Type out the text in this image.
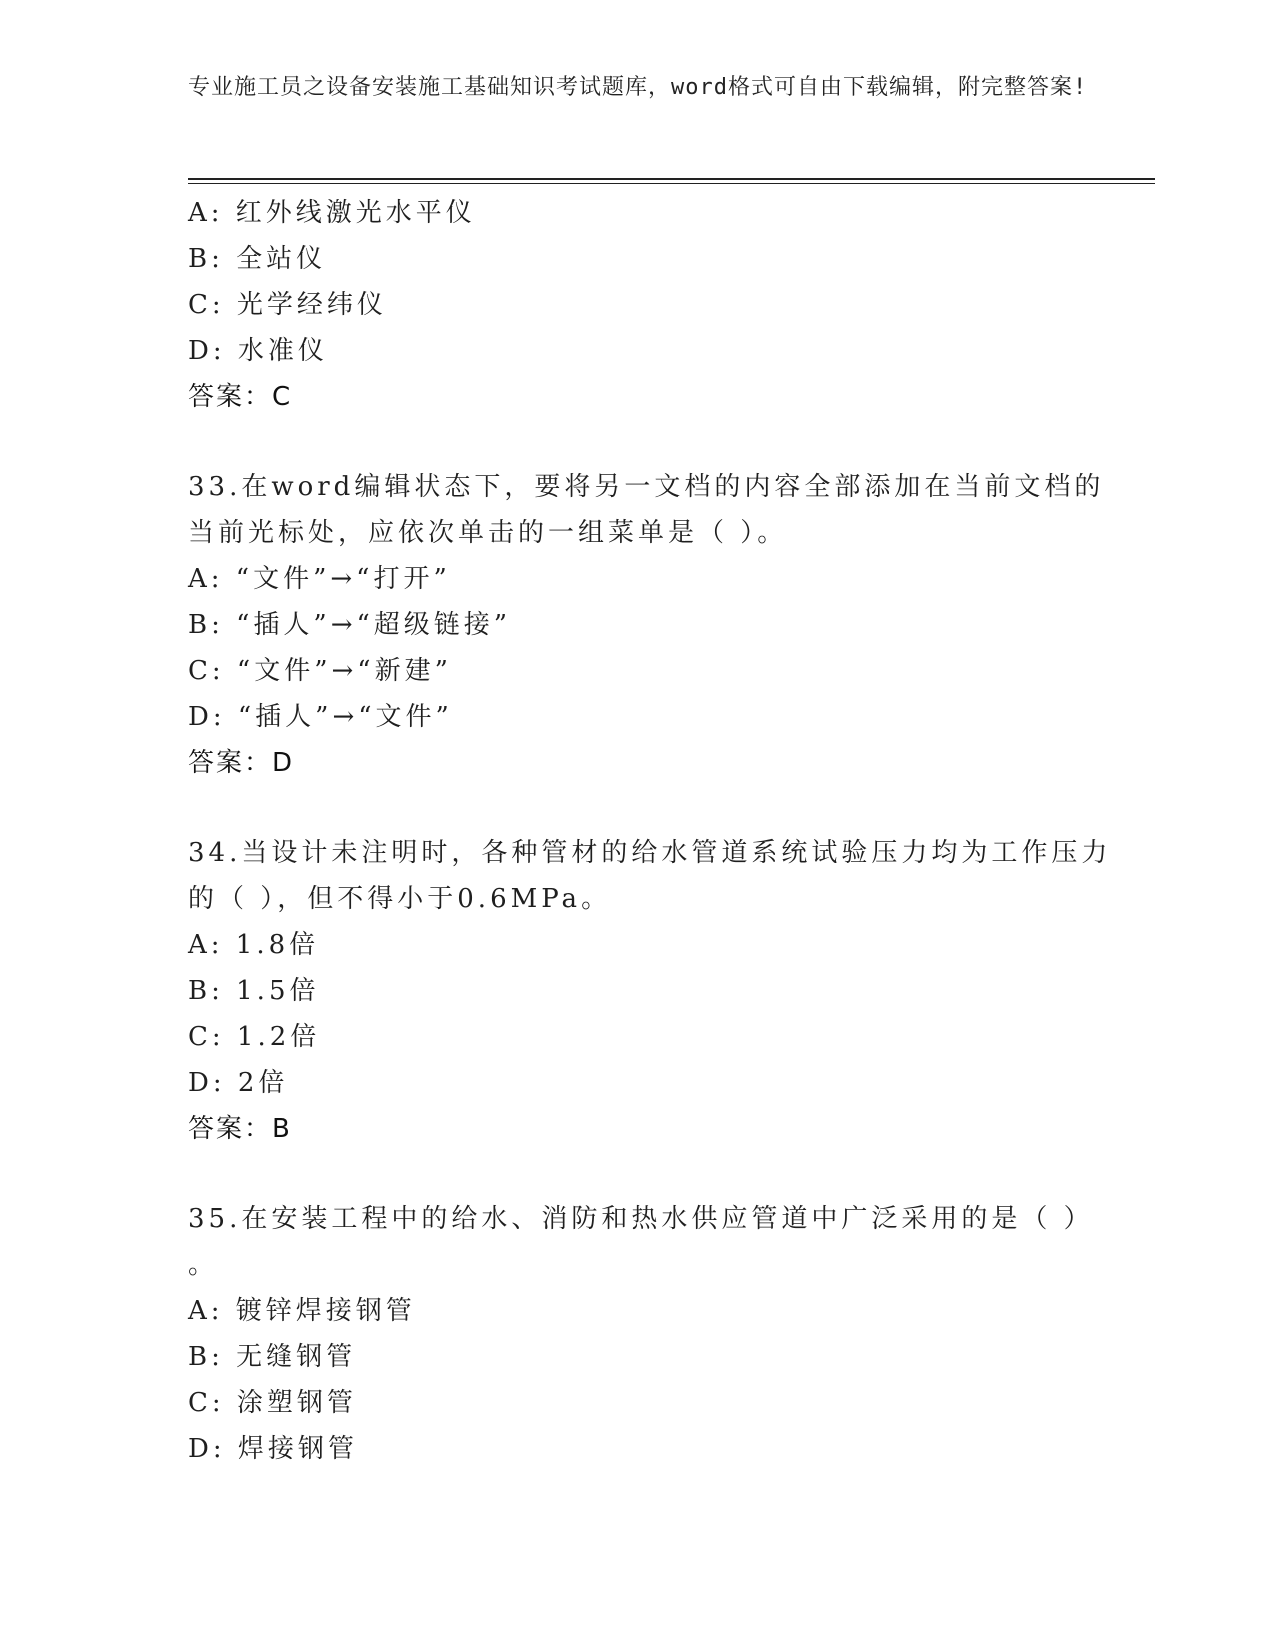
专业施工员之设备安装施工基础知识考试题库，word格式可自由下载编辑，附完整答案!
A: 红外线激光水平仪
B: 全站仪
C: 光学经纬仪
D: 水准仪
答案：C
33.在word编辑状态下，要将另一文档的内容全部添加在当前文档的
当前光标处，应依次单击的一组菜单是（ ）。
A: “文件”→“打开”
B: “插人”→“超级链接”
C: “文件”→“新建”
D: “插人”→“文件”
答案：D
34.当设计未注明时，各种管材的给水管道系统试验压力均为工作压力
的（ ），但不得小于0.6MPa。
A: 1.8倍
B: 1.5倍
C: 1.2倍
D: 2倍
答案：B
35.在安装工程中的给水、消防和热水供应管道中广泛采用的是（ ）
。
A: 镀锌焊接钢管
B: 无缝钢管
C: 涂塑钢管
D: 焊接钢管
